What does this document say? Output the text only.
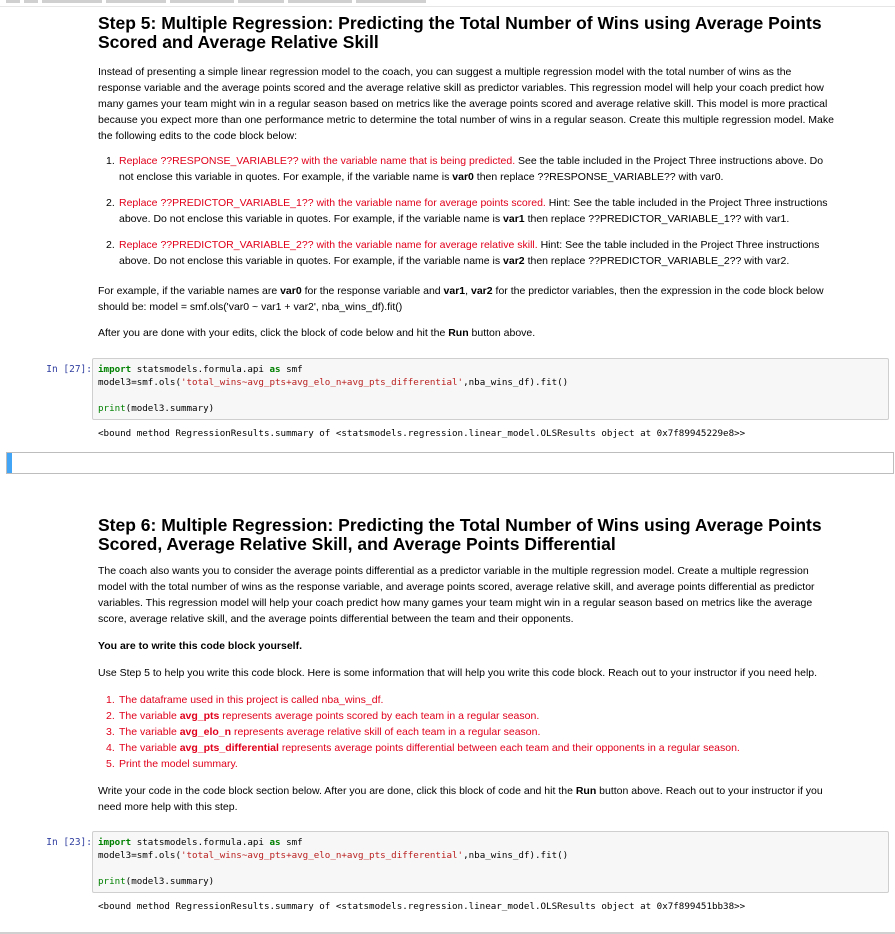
Step 5: Multiple Regression: Predicting the Total Number of Wins using Average Points
Scored and Average Relative Skill

Instead of presenting a simple linear regression model to the coach, you can suggest a multiple regression model with the total number of wins as the

response variable and the average points scored and the average relative skill as predictor variables. This regression model will help your coach predict how

many games your team might win in a regular season based on metrics like the average points scored and average relative skill. This model is more practical

because you expect more than one performance metric to determine the total number of wins in a regular season. Create this multiple regression model. Make

the following edits to the code block below:

1. Replace ??RESPONSE_VARIABLE?? with the variable name that is being predicted. See the table included in the Project Three instructions above. Do
not enclose this variable in quotes. For example, if the variable name is var0 then replace ??RESPONSE_VARIABLE?? with var0.
2. Replace ??PREDICTOR_VARIABLE_1?? with the variable name for average points scored. Hint: See the table included in the Project Three instructions
above. Do not enclose this variable in quotes. For example, if the variable name is var1 then replace ??PREDICTOR_VARIABLE_1?? with var1.
2. Replace ??PREDICTOR_VARIABLE_2?? with the variable name for average relative skill. Hint: See the table included in the Project Three instructions
above. Do not enclose this variable in quotes. For example, if the variable name is var2 then replace ??PREDICTOR_VARIABLE_2?? with var2.

For example, if the variable names are var0 for the response variable and var1, var2 for the predictor variables, then the expression in the code block below

should be: model = smf.ols('var0 ~ var1 + var2', nba_wins_df).fit()

After you are done with your edits, click the block of code below and hit the Run button above.

In [27]: import statsmodels.formula.api as smf
model3=smf.ols('total_wins~avg_pts+avg_elo_n+avg_pts_differential',nba_wins_df).fit()
print(model3.summary)
<bound method RegressionResults.summary of <statsmodels.regression.linear_model.OLSResults object at 0x7f89945229e8>>
Step 6: Multiple Regression: Predicting the Total Number of Wins using Average Points
Scored, Average Relative Skill, and Average Points Differential

The coach also wants you to consider the average points differential as a predictor variable in the multiple regression model. Create a multiple regression

model with the total number of wins as the response variable, and average points scored, average relative skill, and average points differential as predictor

variables. This regression model will help your coach predict how many games your team might win in a regular season based on metrics like the average

score, average relative skill, and the average points differential between the team and their opponents.

You are to write this code block yourself.

Use Step 5 to help you write this code block. Here is some information that will help you write this code block. Reach out to your instructor if you need help.

1. The dataframe used in this project is called nba_wins_df.
2. The variable avg_pts represents average points scored by each team in a regular season.
3. The variable avg_elo_n represents average relative skill of each team in a regular season.
4. The variable avg_pts_differential represents average points differential between each team and their opponents in a regular season.
5. Print the model summary.

Write your code in the code block section below. After you are done, click this block of code and hit the Run button above. Reach out to your instructor if you

need more help with this step.

In [23]: import statsmodels.formula.api as smf
model3=smf.ols('total_wins~avg_pts+avg_elo_n+avg_pts_differential',nba_wins_df).fit()
print(model3.summary)
<bound method RegressionResults.summary of <statsmodels.regression.linear_model.OLSResults object at 0x7f899451bb38>>
